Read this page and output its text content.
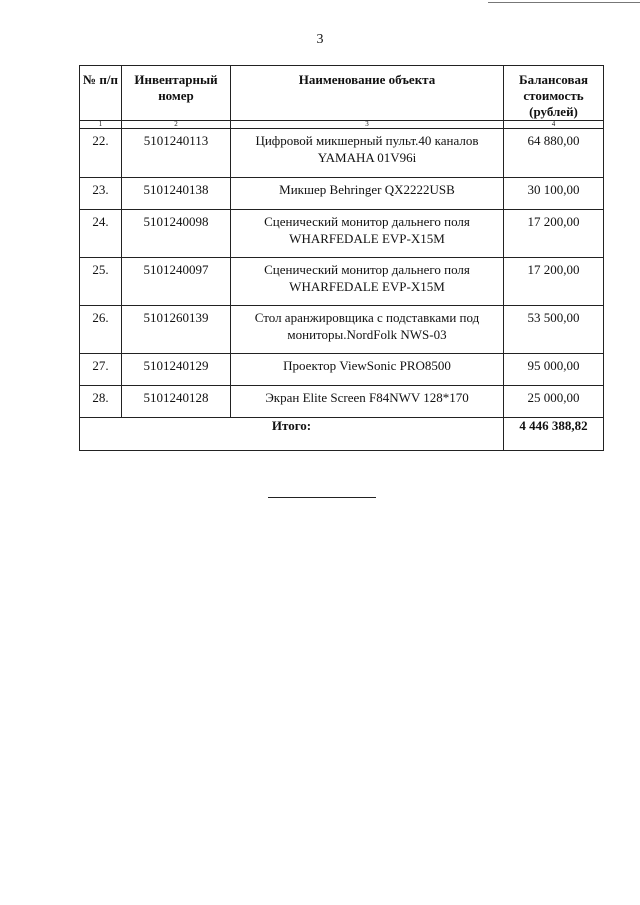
3
№ п/п	Инвентарный номер	Наименование объекта	Балансовая стоимость (рублей)
1	2	3	4
22.	5101240113	Цифровой микшерный пульт.40 каналов
YAMAHA 01V96i	64 880,00
23.	5101240138	Микшер Behringer QX2222USB	30 100,00
24.	5101240098	Сценический монитор дальнего поля
WHARFEDALE EVP-X15M	17 200,00
25.	5101240097	Сценический монитор дальнего поля
WHARFEDALE EVP-X15M	17 200,00
26.	5101260139	Стол аранжировщика с подставками под
мониторы.NordFolk NWS-03	53 500,00
27.	5101240129	Проектор ViewSonic PRO8500	95 000,00
28.	5101240128	Экран Elite Screen F84NWV 128*170	25 000,00
Итого:			4 446 388,82
